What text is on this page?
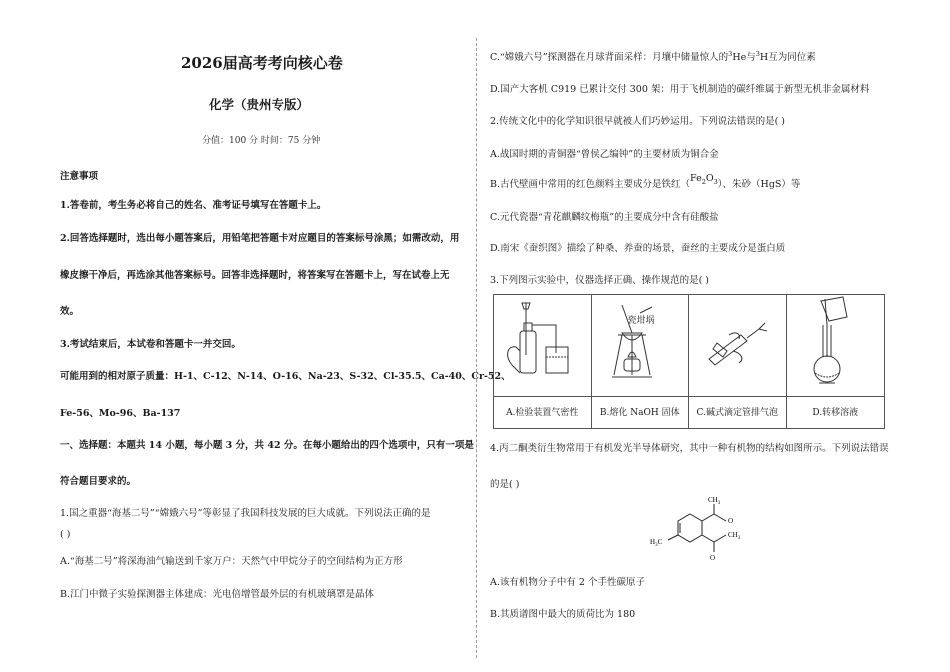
2026届高考考向核心卷
化学（贵州专版）
分值：100 分 时间：75 分钟
注意事项
1.答卷前，考生务必将自己的姓名、准考证号填写在答题卡上。
2.回答选择题时，选出每小题答案后，用铅笔把答题卡对应题目的答案标号涂黑；如需改动，用
橡皮擦干净后，再选涂其他答案标号。回答非选择题时，将答案写在答题卡上，写在试卷上无
效。
3.考试结束后，本试卷和答题卡一并交回。
可能用到的相对原子质量：H-1、C-12、N-14、O-16、Na-23、S-32、Cl-35.5、Ca-40、Cr-52、
Fe-56、Mo-96、Ba-137
一、选择题：本题共 14 小题，每小题 3 分，共 42 分。在每小题给出的四个选项中，只有一项是
符合题目要求的。
1.国之重器“海基二号”“嫦娥六号”等彰显了我国科技发展的巨大成就。下列说法正确的是
( )
A.“海基二号”将深海油气输送到千家万户：天然气中甲烷分子的空间结构为正方形
B.江门中微子实验探测器主体建成：光电倍增管最外层的有机玻璃罩是晶体
C.“嫦娥六号”探测器在月球背面采样：月壤中储量惊人的$^3$He与$^3$H互为同位素
D.国产大客机 C919 已累计交付 300 架：用于飞机制造的碳纤维属于新型无机非金属材料
2.传统文化中的化学知识很早就被人们巧妙运用。下列说法错误的是( )
A.战国时期的青铜器“曾侯乙编钟”的主要材质为铜合金
B.古代壁画中常用的红色颜料主要成分是铁红$(Fe_2O_3)$、朱砂（HgS）等
C.元代瓷器“青花麒麟纹梅瓶”的主要成分中含有硅酸盐
D.南宋《蚕织图》描绘了种桑、养蚕的场景，蚕丝的主要成分是蛋白质
3.下列图示实验中，仪器选择正确、操作规范的是( )
A.检验装置气密性
瓷坩埚
B.熔化 NaOH 固体	C.碱式滴定管排气泡	D.转移溶液
4.丙二酮类衍生物常用于有机发光半导体研究，其中一种有机物的结构如图所示。下列说法错误
的是( )
$CH_3$
O
$CH_3$
O
$H_3C$
A.该有机物分子中有 2 个手性碳原子
B.其质谱图中最大的质荷比为 180
